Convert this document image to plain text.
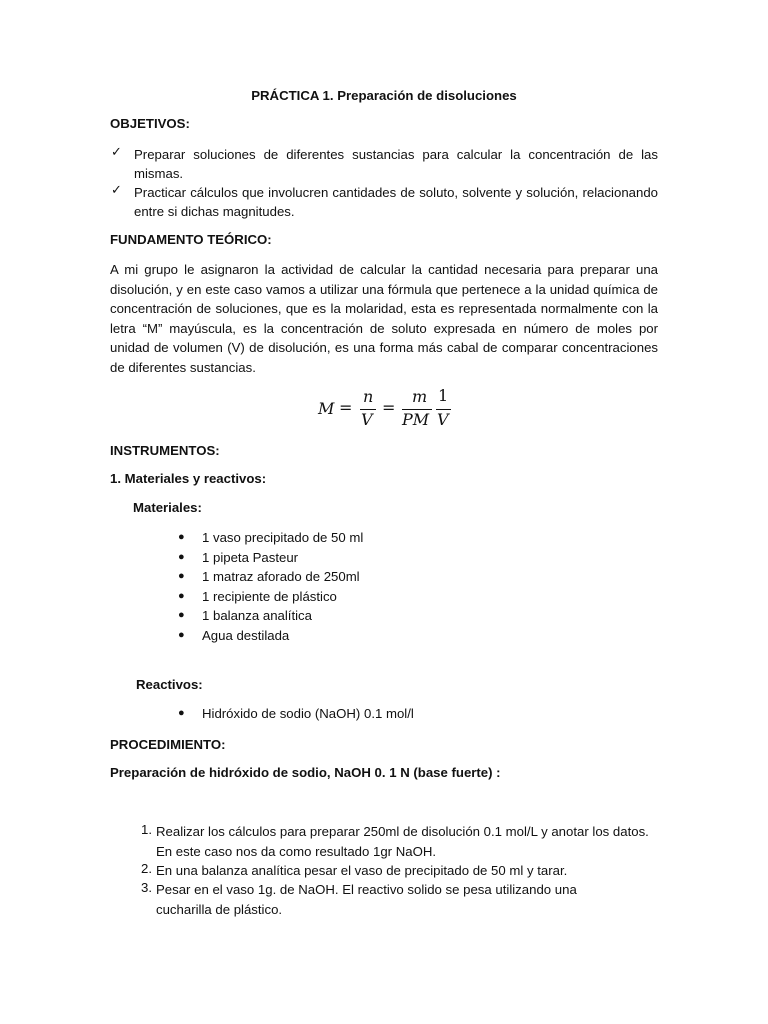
PRÁCTICA 1. Preparación de disoluciones
OBJETIVOS:
✓ Preparar soluciones de diferentes sustancias para calcular la concentración de las mismas.
✓ Practicar cálculos que involucren cantidades de soluto, solvente y solución, relacionando entre si dichas magnitudes.
FUNDAMENTO TEÓRICO:
A mi grupo le asignaron la actividad de calcular la cantidad necesaria para preparar una disolución, y en este caso vamos a utilizar una fórmula que pertenece a la unidad química de concentración de soluciones, que es la molaridad, esta es representada normalmente con la letra “M” mayúscula, es la concentración de soluto expresada en número de moles por unidad de volumen (V) de disolución, es una forma más cabal de comparar concentraciones de diferentes sustancias.
M =
n
V
=
m
PM
1
V
INSTRUMENTOS:
1. Materiales y reactivos:
Materiales:
● 1 vaso precipitado de 50 ml
● 1 pipeta Pasteur
● 1 matraz aforado de 250ml
● 1 recipiente de plástico
● 1 balanza analítica
● Agua destilada
Reactivos:
● Hidróxido de sodio (NaOH) 0.1 mol/l
PROCEDIMIENTO:
Preparación de hidróxido de sodio, NaOH 0. 1 N (base fuerte) :
1. Realizar los cálculos para preparar 250ml de disolución 0.1 mol/L y anotar los datos. En este caso nos da como resultado 1gr NaOH.
2. En una balanza analítica pesar el vaso de precipitado de 50 ml y tarar.
3. Pesar en el vaso 1g. de NaOH. El reactivo solido se pesa utilizando una cucharilla de plástico.
